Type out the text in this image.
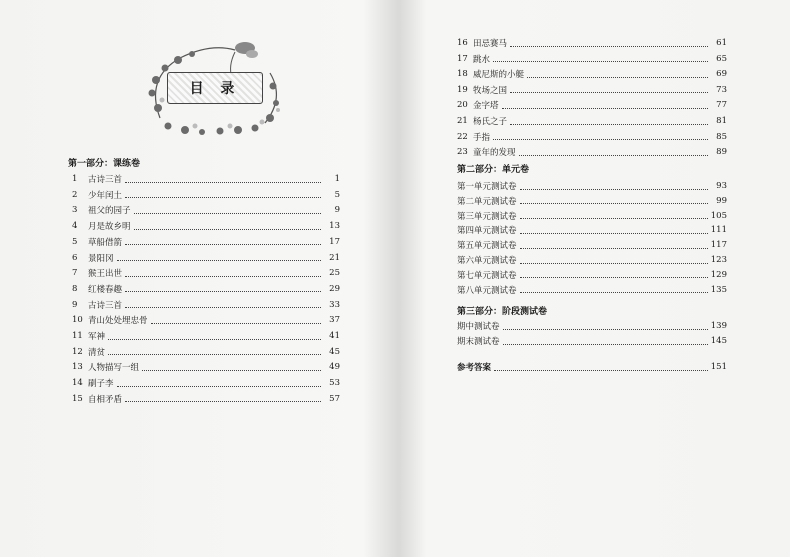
目 录
第一部分：课练卷
1	古诗三首	1
2	少年闰土	5
3	祖父的园子	9
4	月是故乡明	13
5	草船借箭	17
6	景阳冈	21
7	猴王出世	25
8	红楼春趣	29
9	古诗三首	33
10 青山处处埋忠骨	37
11 军神	41
12 清贫	45
13 人物描写一组	49
14 刷子李	53
15 自相矛盾	57
16 田忌赛马	61
17 跳水	65
18 威尼斯的小艇	69
19 牧场之国	73
20 金字塔	77
21 杨氏之子	81
22 手指	85
23 童年的发现	89
第二部分：单元卷
第一单元测试卷	93
第二单元测试卷	99
第三单元测试卷	105
第四单元测试卷	111
第五单元测试卷	117
第六单元测试卷	123
第七单元测试卷	129
第八单元测试卷	135
第三部分：阶段测试卷
期中测试卷	139
期末测试卷	145
参考答案	151
